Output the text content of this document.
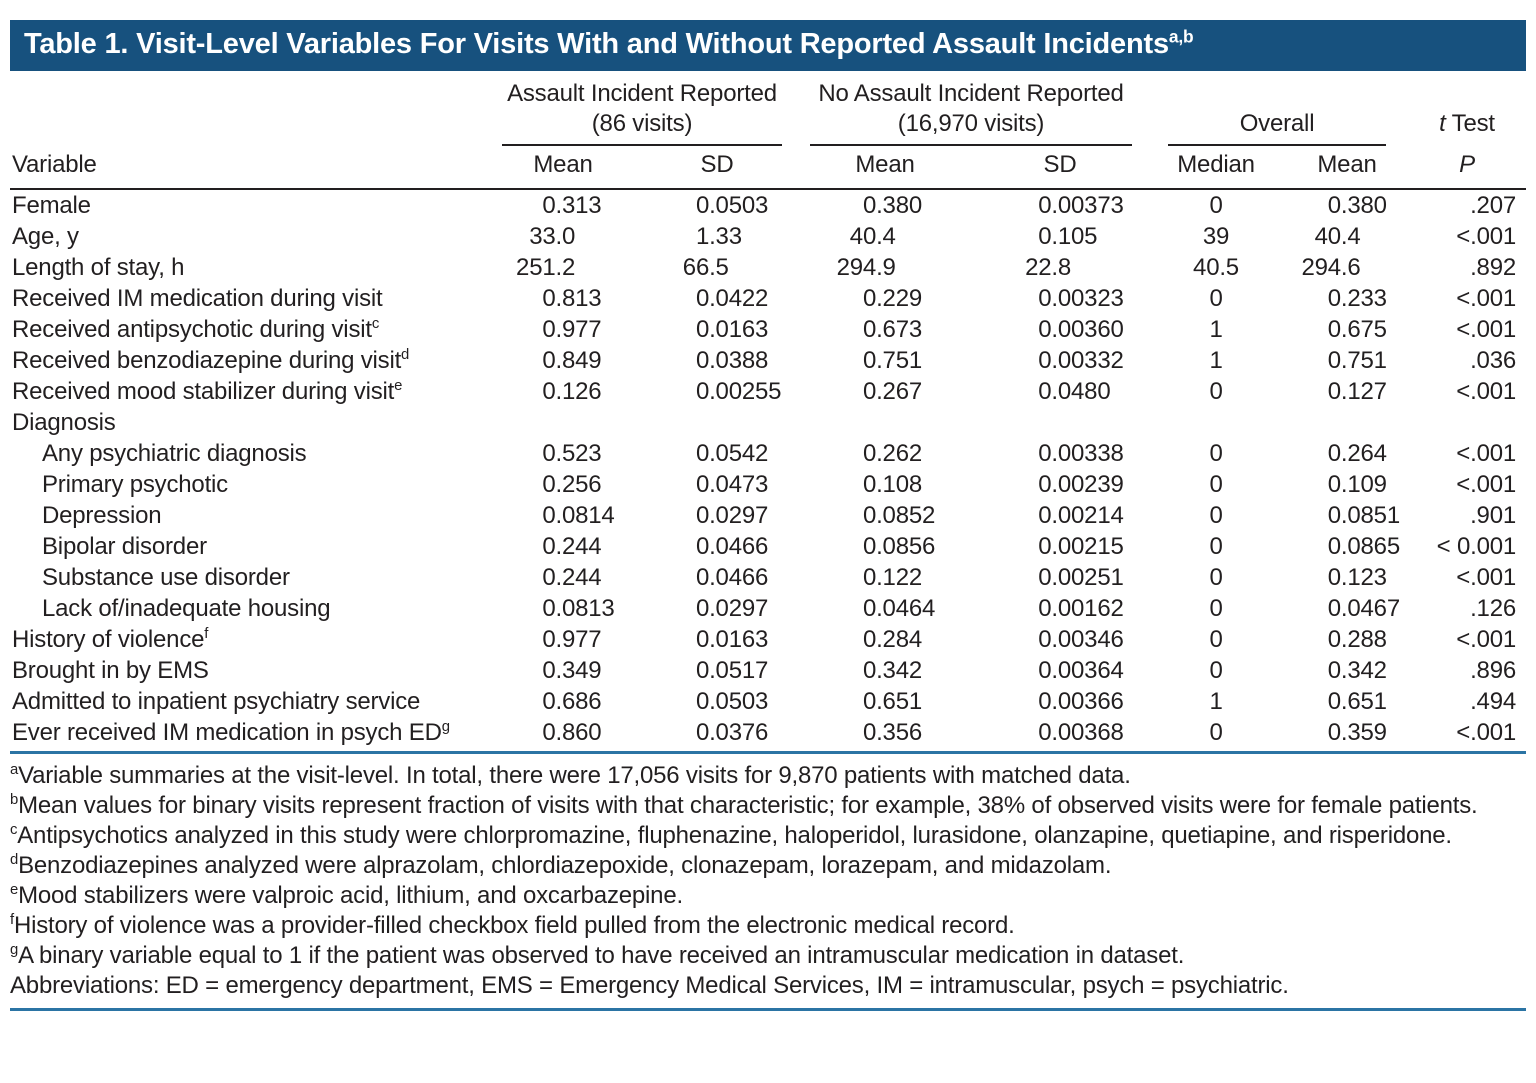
Table 1. Visit-Level Variables For Visits With and Without Reported Assault Incidents$^{a,b}$

	Assault Incident Reported
(86 visits)		No Assault Incident Reported
(16,970 visits)		Overall		t Test

Variable	Mean	SD	Mean	SD	Median	Mean	P
Female	0 .313	0 .0503	0 .380	0 .00373	0	0 .380	.207
Age, y	33 .0	1 .33	40 .4	0 .105	39	40 .4	<.001
Length of stay, h	251 .2	66 .5	294 .9	22 .8	40.5	294 .6	.892
Received IM medication during visit	0 .813	0 .0422	0 .229	0 .00323	0	0 .233	<.001
Received antipsychotic during visit$^c$	0 .977	0 .0163	0 .673	0 .00360	1	0 .675	<.001
Received benzodiazepine during visit$^d$	0 .849	0 .0388	0 .751	0 .00332	1	0 .751	.036
Received mood stabilizer during visit$^e$	0 .126	0 .00255	0 .267	0 .0480	0	0 .127	<.001
Diagnosis							
Any psychiatric diagnosis	0 .523	0 .0542	0 .262	0 .00338	0	0 .264	<.001
Primary psychotic	0 .256	0 .0473	0 .108	0 .00239	0	0 .109	<.001
Depression	0 .0814	0 .0297	0 .0852	0 .00214	0	0 .0851	.901
Bipolar disorder	0 .244	0 .0466	0 .0856	0 .00215	0	0 .0865	< 0.001
Substance use disorder	0 .244	0 .0466	0 .122	0 .00251	0	0 .123	<.001
Lack of/inadequate housing	0 .0813	0 .0297	0 .0464	0 .00162	0	0 .0467	.126
History of violence$^f$	0 .977	0 .0163	0 .284	0 .00346	0	0 .288	<.001
Brought in by EMS	0 .349	0 .0517	0 .342	0 .00364	0	0 .342	.896
Admitted to inpatient psychiatry service	0 .686	0 .0503	0 .651	0 .00366	1	0 .651	.494
Ever received IM medication in psych $ED^g$	0 .860	0 .0376	0 .356	0 .00368	0	0 .359	<.001
$^a$Variable summaries at the visit-level. In total, there were 17,056 visits for 9,870 patients with matched data.
$^b$Mean values for binary visits represent fraction of visits with that characteristic; for example, 38% of observed visits were for female patients.
$^c$Antipsychotics analyzed in this study were chlorpromazine, fluphenazine, haloperidol, lurasidone, olanzapine, quetiapine, and risperidone.
$^d$Benzodiazepines analyzed were alprazolam, chlordiazepoxide, clonazepam, lorazepam, and midazolam.
$^e$Mood stabilizers were valproic acid, lithium, and oxcarbazepine.
$^f$History of violence was a provider-filled checkbox field pulled from the electronic medical record.
$^g$A binary variable equal to 1 if the patient was observed to have received an intramuscular medication in dataset.
Abbreviations: ED = emergency department, EMS = Emergency Medical Services, IM = intramuscular, psych = psychiatric.
